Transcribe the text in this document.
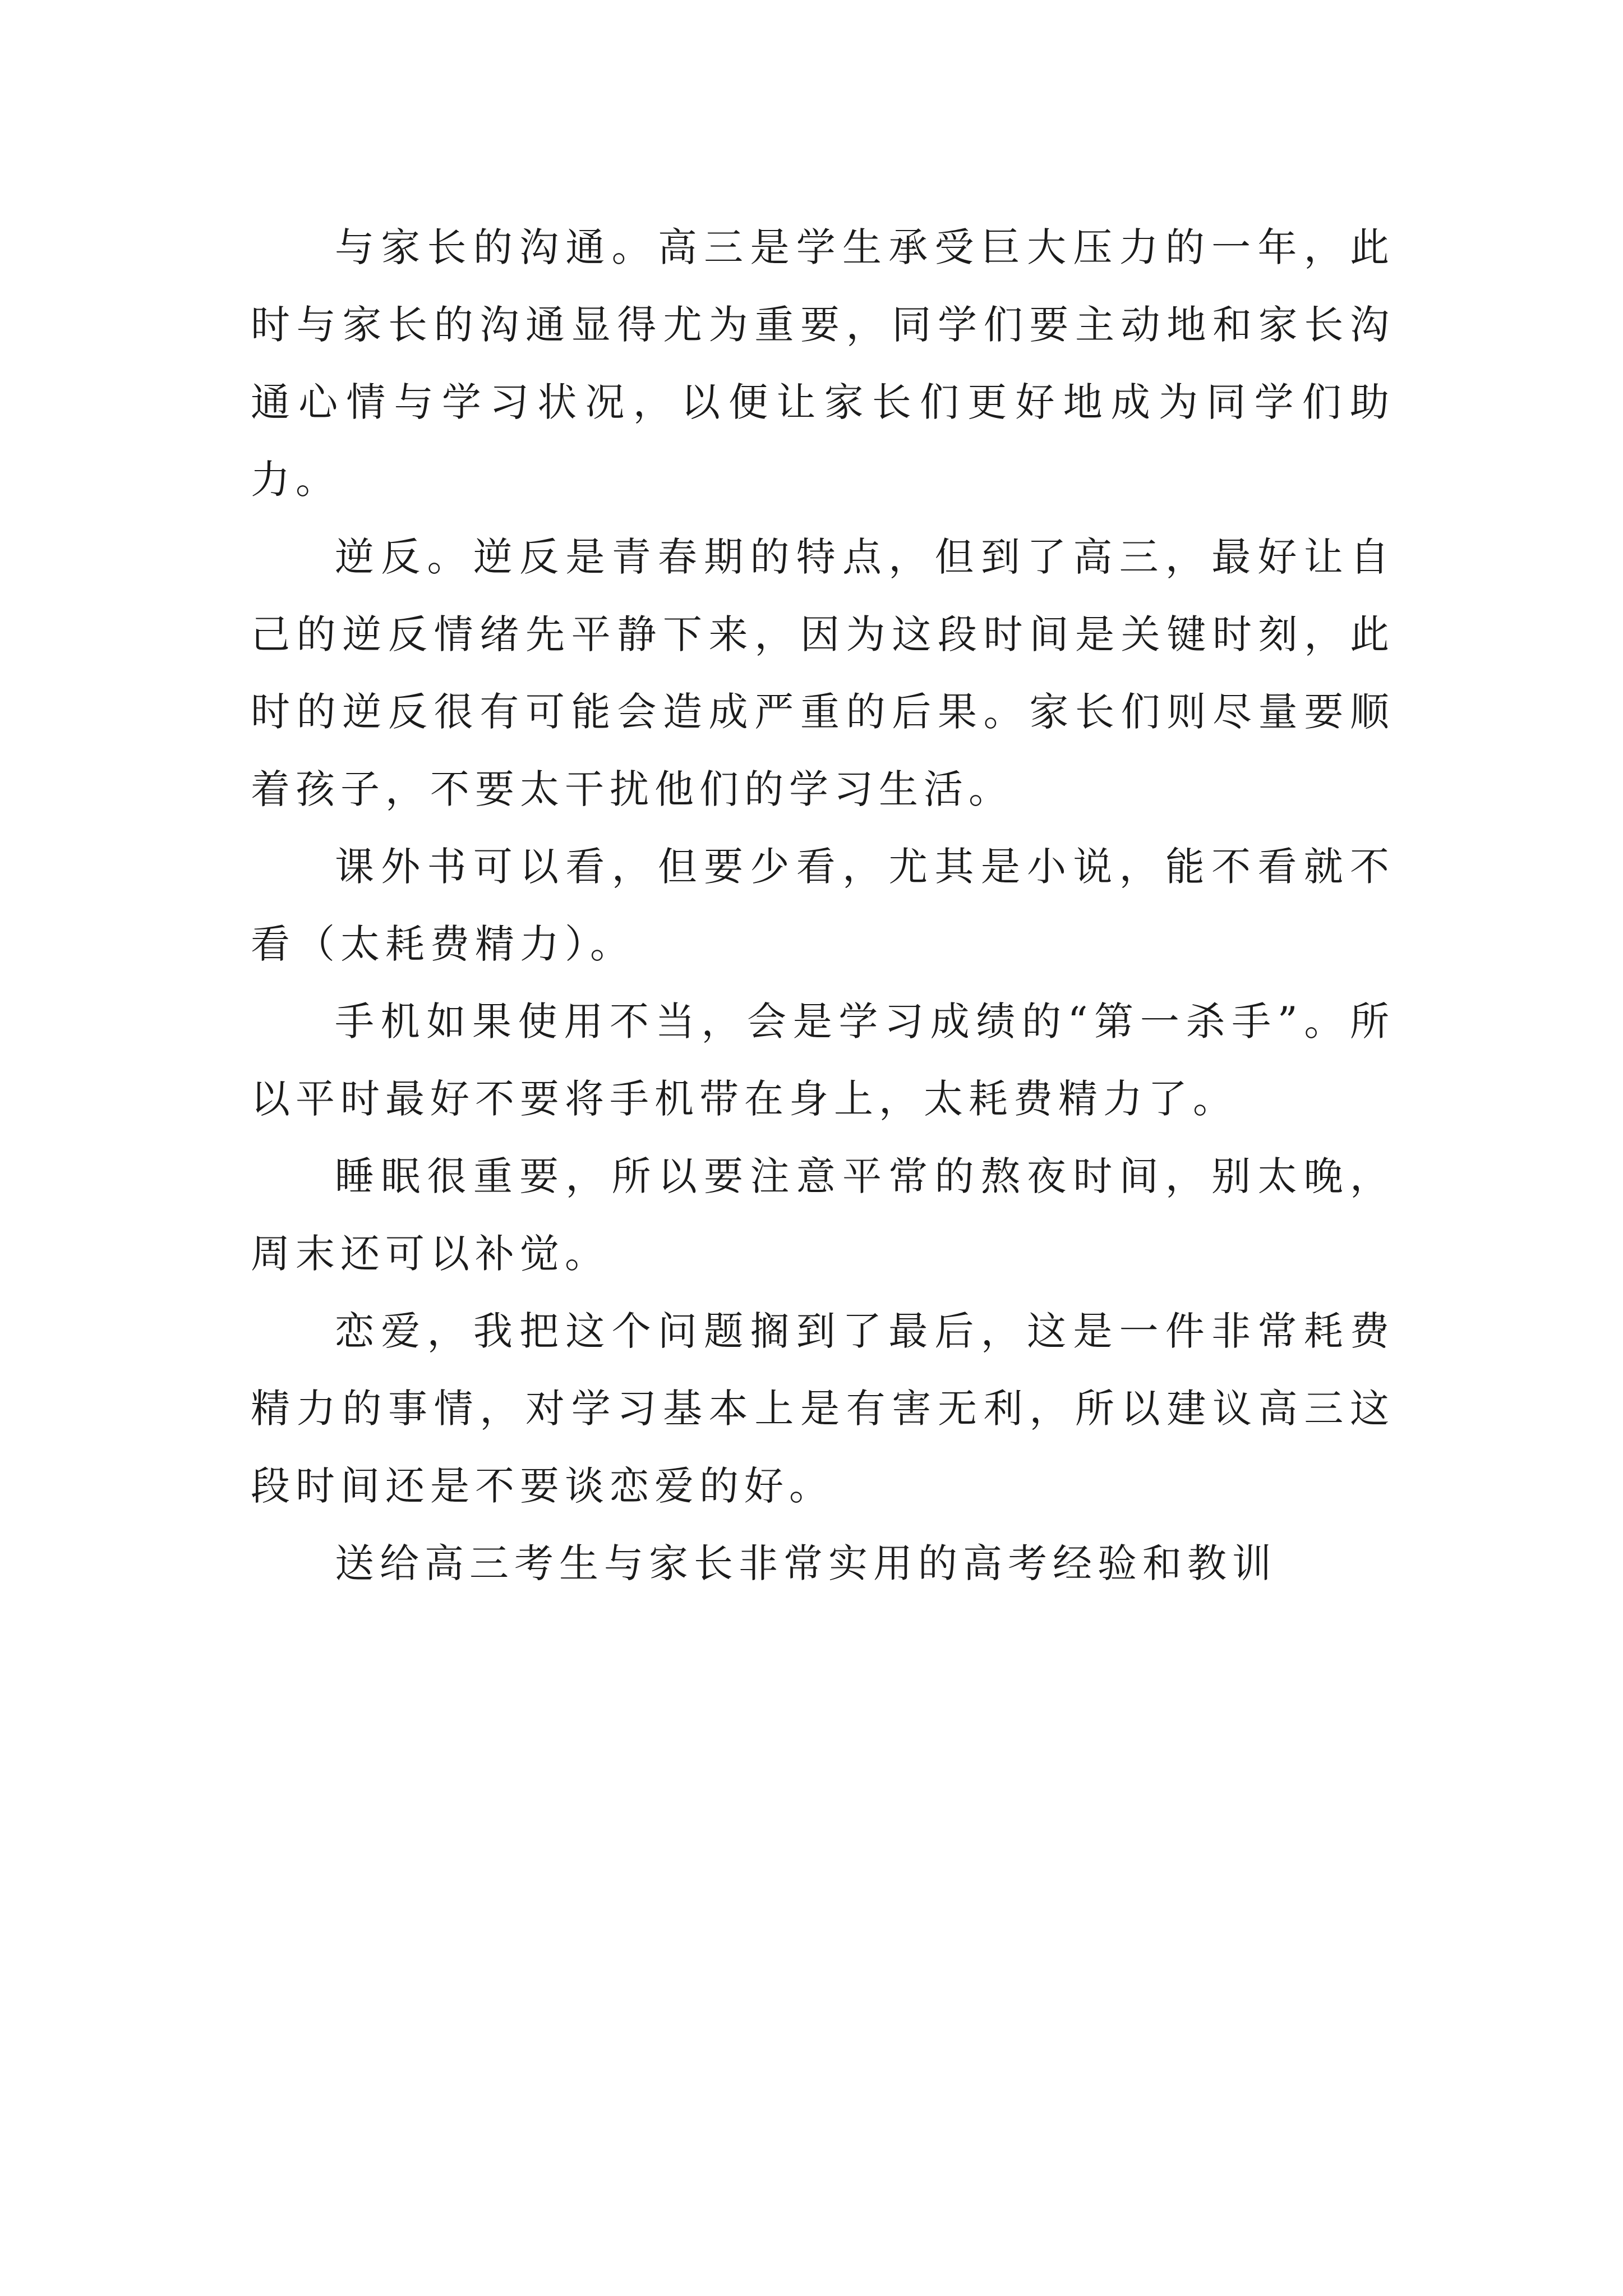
与家长的沟通。高三是学生承受巨大压力的一年，此时与家长的沟通显得尤为重要，同学们要主动地和家长沟通心情与学习状况，以便让家长们更好地成为同学们助力。

逆反。逆反是青春期的特点，但到了高三，最好让自己的逆反情绪先平静下来，因为这段时间是关键时刻，此时的逆反很有可能会造成严重的后果。家长们则尽量要顺着孩子，不要太干扰他们的学习生活。

课外书可以看，但要少看，尤其是小说，能不看就不看（太耗费精力）。

手机如果使用不当，会是学习成绩的“第一杀手”。所以平时最好不要将手机带在身上，太耗费精力了。

睡眠很重要，所以要注意平常的熬夜时间，别太晚，周末还可以补觉。

恋爱，我把这个问题搁到了最后，这是一件非常耗费精力的事情，对学习基本上是有害无利，所以建议高三这段时间还是不要谈恋爱的好。

送给高三考生与家长非常实用的高考经验和教训
